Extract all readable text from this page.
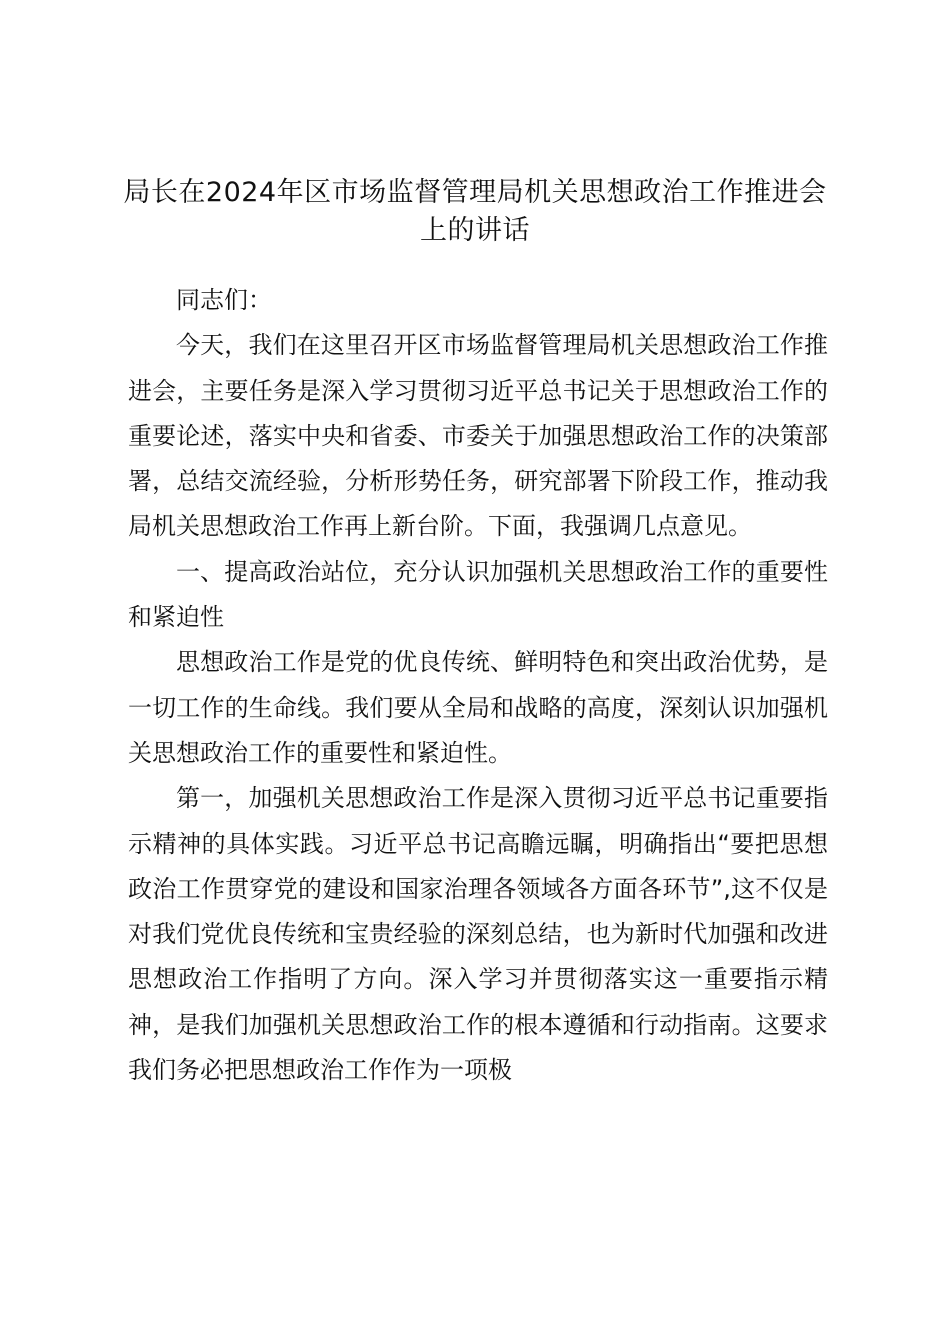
局长在2024年区市场监督管理局机关思想政治工作推进会上的讲话

同志们：

今天，我们在这里召开区市场监督管理局机关思想政治工作推进会，主要任务是深入学习贯彻习近平总书记关于思想政治工作的重要论述，落实中央和省委、市委关于加强思想政治工作的决策部署，总结交流经验，分析形势任务，研究部署下阶段工作，推动我局机关思想政治工作再上新台阶。下面，我强调几点意见。

一、提高政治站位，充分认识加强机关思想政治工作的重要性和紧迫性

思想政治工作是党的优良传统、鲜明特色和突出政治优势，是一切工作的生命线。我们要从全局和战略的高度，深刻认识加强机关思想政治工作的重要性和紧迫性。

第一，加强机关思想政治工作是深入贯彻习近平总书记重要指示精神的具体实践。习近平总书记高瞻远瞩，明确指出“要把思想政治工作贯穿党的建设和国家治理各领域各方面各环节”,这不仅是对我们党优良传统和宝贵经验的深刻总结，也为新时代加强和改进思想政治工作指明了方向。深入学习并贯彻落实这一重要指示精神，是我们加强机关思想政治工作的根本遵循和行动指南。这要求我们务必把思想政治工作作为一项极
